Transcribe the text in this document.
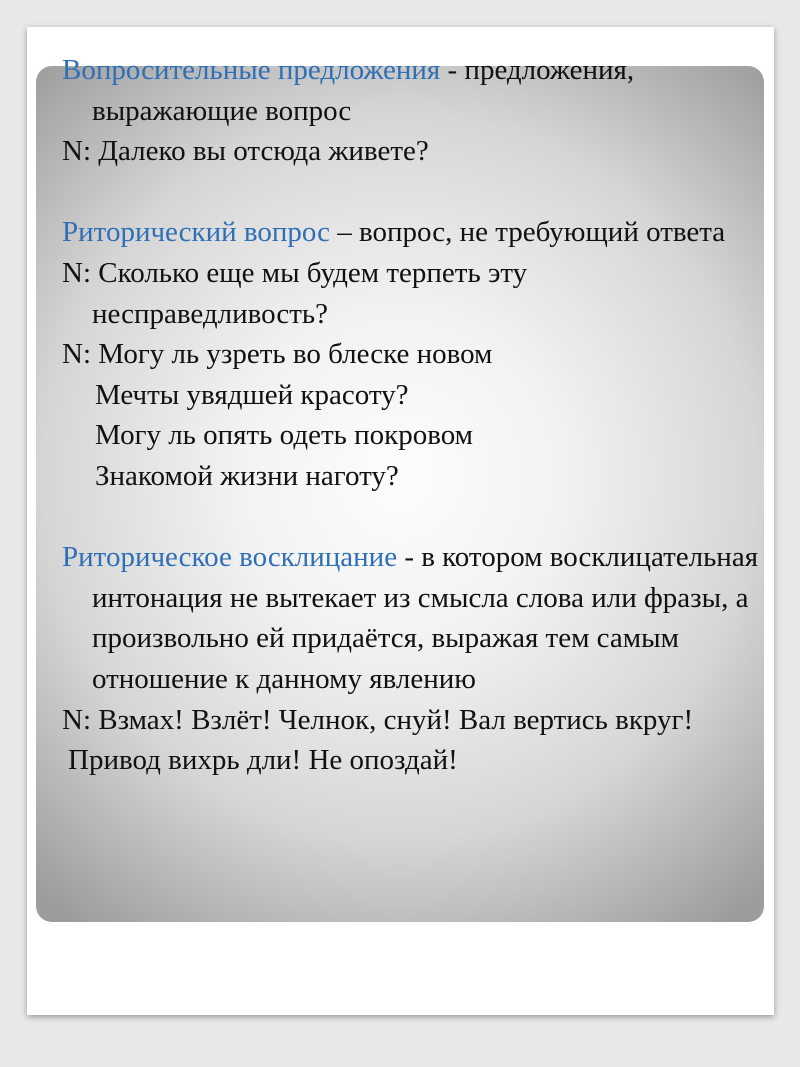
Вопросительные предложения - предложения, выражающие вопрос

N: Далеко вы отсюда живете?

Риторический вопрос – вопрос, не требующий ответа

N: Сколько еще мы будем терпеть эту несправедливость?

N: Могу ль узреть во блеске новом

Мечты увядшей красоту?

Могу ль опять одеть покровом

Знакомой жизни наготу?

Риторическое восклицание - в котором восклицательная интонация не вытекает из смысла слова или фразы, а произвольно ей придаётся, выражая тем самым отношение к данному явлению

N: Взмах! Взлёт! Челнок, снуй! Вал вертись вкруг!

Привод вихрь дли! Не опоздай!
